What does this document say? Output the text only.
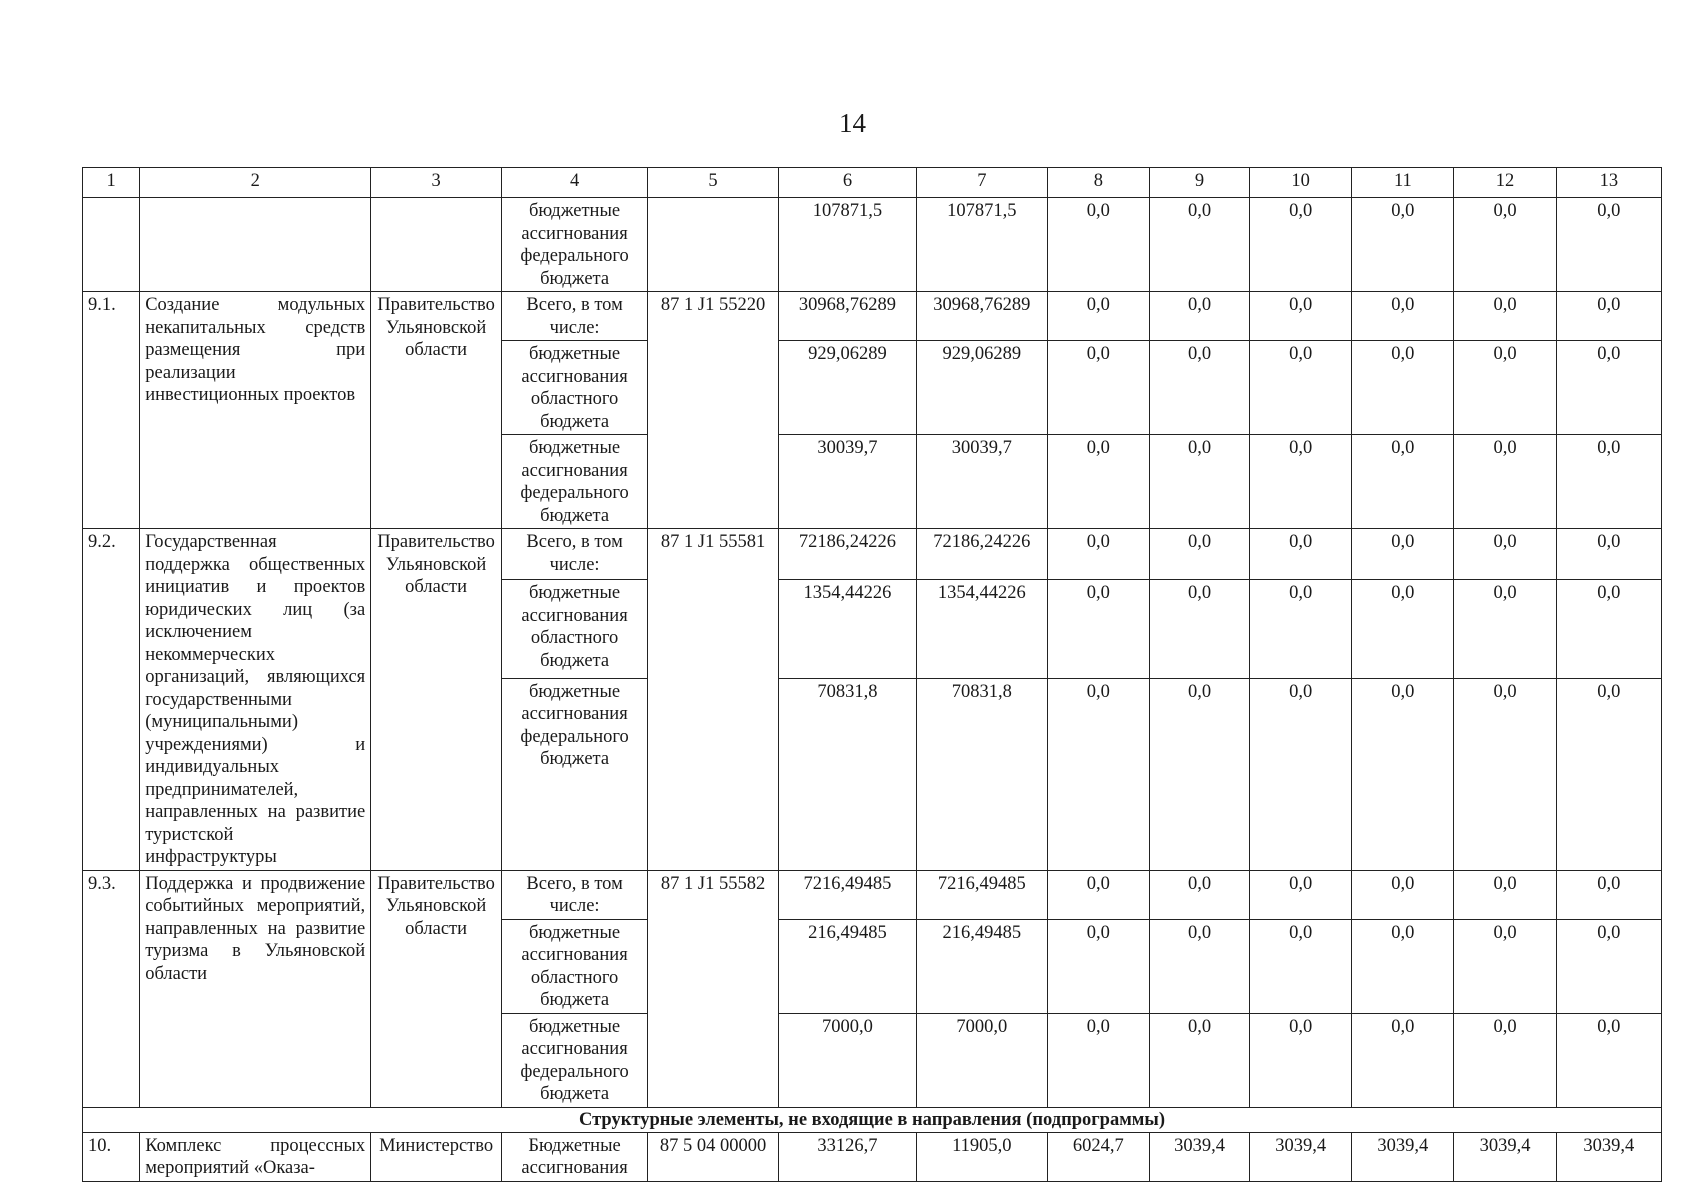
14
1	2	3	4	5	6	7	8	9	10	11	12	13
			бюджетные ассигнования федерального бюджета		107871,5	107871,5	0,0	0,0	0,0	0,0	0,0	0,0
9.1.	Создание модульных некапитальных средств размещения при реализации инвестиционных проектов	Правительство Ульяновской области	Всего, в том числе:	87 1 J1 55220	30968,76289	30968,76289	0,0	0,0	0,0	0,0	0,0	0,0
			бюджетные ассигнования областного бюджета		929,06289	929,06289	0,0	0,0	0,0	0,0	0,0	0,0
			бюджетные ассигнования федерального бюджета		30039,7	30039,7	0,0	0,0	0,0	0,0	0,0	0,0
9.2.	Государственная поддержка общественных инициатив и проектов юридических лиц (за исключением некоммерческих организаций, являющихся государственными (муниципальными) учреждениями) и индивидуальных предпринимателей, направленных на развитие туристской инфраструктуры	Правительство Ульяновской области	Всего, в том числе:	87 1 J1 55581	72186,24226	72186,24226	0,0	0,0	0,0	0,0	0,0	0,0
			бюджетные ассигнования областного бюджета		1354,44226	1354,44226	0,0	0,0	0,0	0,0	0,0	0,0
			бюджетные ассигнования федерального бюджета		70831,8	70831,8	0,0	0,0	0,0	0,0	0,0	0,0
9.3.	Поддержка и продвижение событийных мероприятий, направленных на развитие туризма в Ульяновской области	Правительство Ульяновской области	Всего, в том числе:	87 1 J1 55582	7216,49485	7216,49485	0,0	0,0	0,0	0,0	0,0	0,0
			бюджетные ассигнования областного бюджета		216,49485	216,49485	0,0	0,0	0,0	0,0	0,0	0,0
			бюджетные ассигнования федерального бюджета		7000,0	7000,0	0,0	0,0	0,0	0,0	0,0	0,0
Структурные элементы, не входящие в направления (подпрограммы)												
10.	Комплекс процессных мероприятий «Оказа-	Министерство	Бюджетные ассигнования	87 5 04 00000	33126,7	11905,0	6024,7	3039,4	3039,4	3039,4	3039,4	3039,4
